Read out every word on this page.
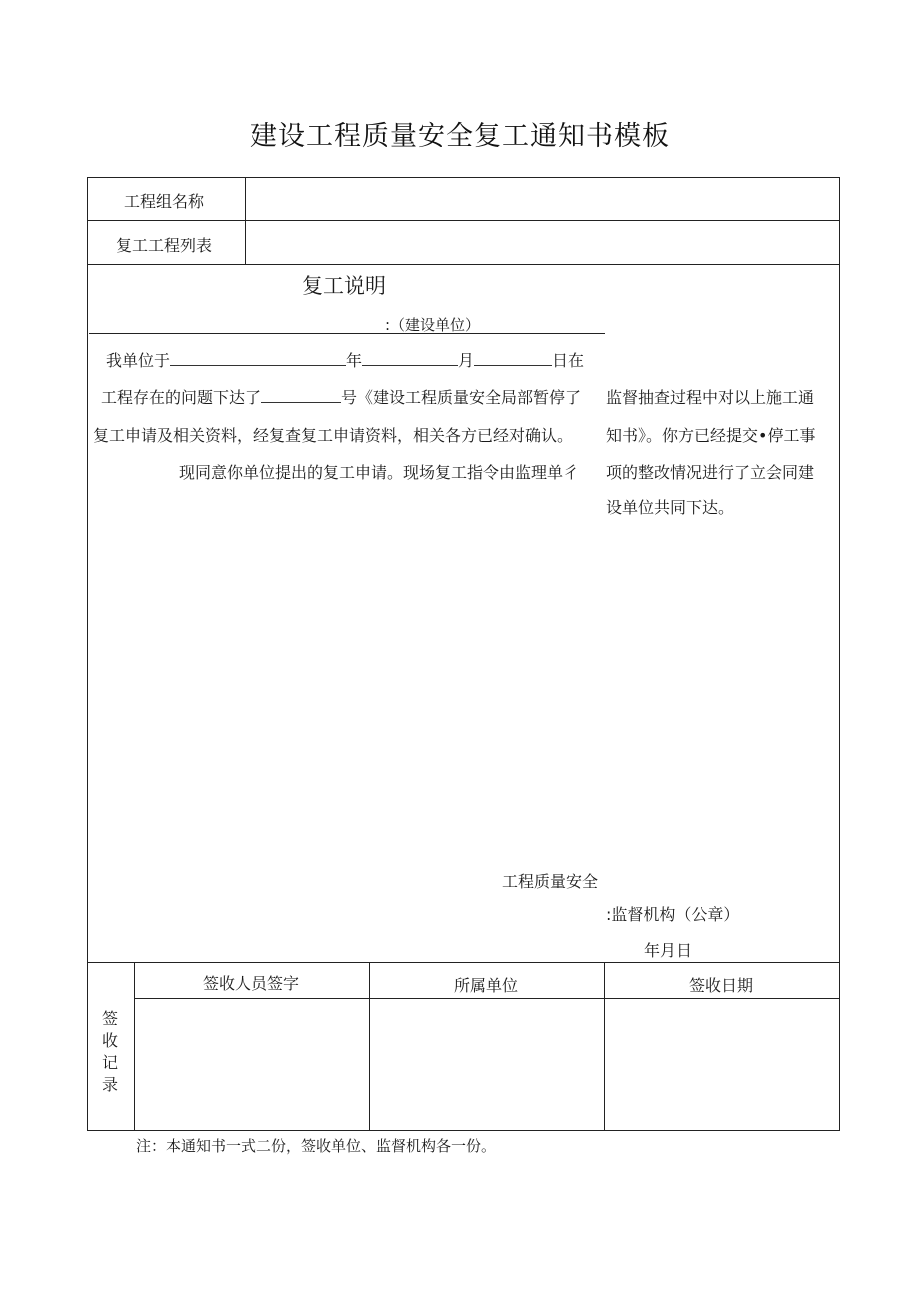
建设工程质量安全复工通知书模板
工程组名称
复工工程列表
复工说明
:（建设单位）
我单位于	年	月	日在
工程存在的问题下达了	号《建设工程质量安全局部暂停了 监督抽查过程中对以上施工通
复工申请及相关资料，经复查复工申请资料，相关各方已经对确认。 知书》。你方已经提交•停工事
现同意你单位提出的复工申请。现场复工指令由监理单彳 项的整改情况进行了立会同建
设单位共同下达。
工程质量安全
:监督机构（公章）
年月日
签收记录
签收人员签字	所属单位	签收日期
注：本通知书一式二份，签收单位、监督机构各一份。
